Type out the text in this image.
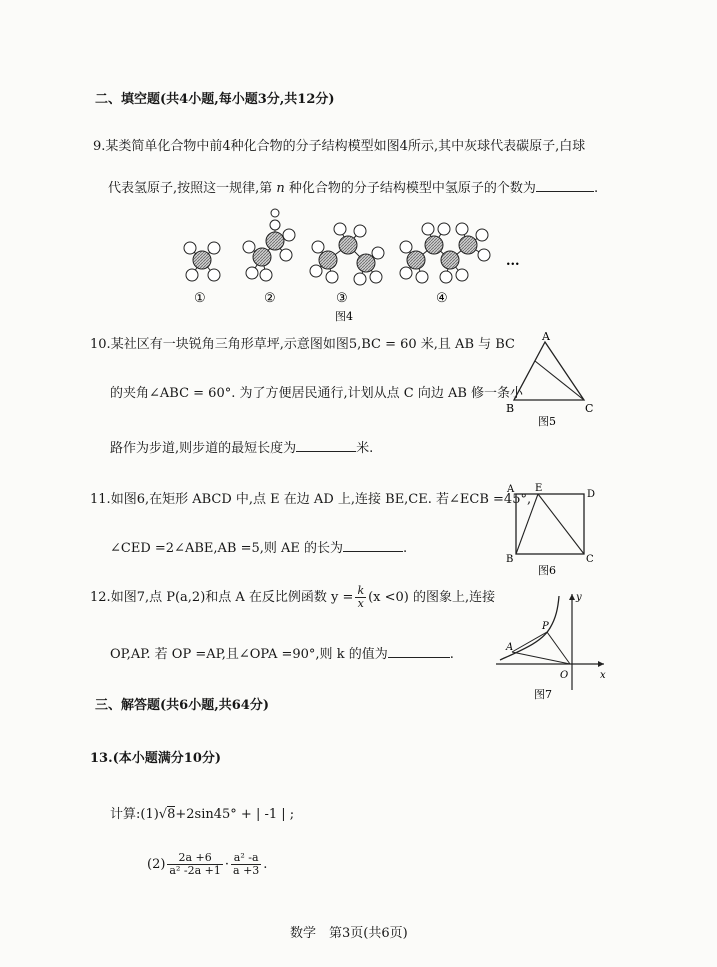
二、填空题(共4小题,每小题3分,共12分)
9.某类简单化合物中前4种化合物的分子结构模型如图4所示,其中灰球代表碳原子,白球
代表氢原子,按照这一规律,第 n 种化合物的分子结构模型中氢原子的个数为	.
①	②	③	④
...
图4
10.某社区有一块锐角三角形草坪,示意图如图5,BC = 60 米,且 AB 与 BC
的夹角∠ABC = 60°. 为了方便居民通行,计划从点 C 向边 AB 修一条小
路作为步道,则步道的最短长度为	米.
A
B	C
图5
11.如图6,在矩形 ABCD 中,点 E 在边 AD 上,连接 BE,CE. 若∠ECB =45°,
∠CED =2∠ABE,AB =5,则 AE 的长为	.
A E
D
B	C
图6
12.如图7,点 P(a,2)和点 A 在反比例函数 $y = \frac{k}{x} (x <0)$ 的图象上,连接
OP,AP. 若 OP =AP,且∠OPA =90°,则 k 的值为	.	A
P
O	x
y
图7
三、解答题(共6小题,共64分)
13.(本小题满分10分)
计算:(1)√8+2sin45° + | -1 | ;
$(2) \frac{2a +6}{\text{a² -2a +1}} \cdot \frac{\text{a² -a}}{a +3}$ .
数学　第3页(共6页)
